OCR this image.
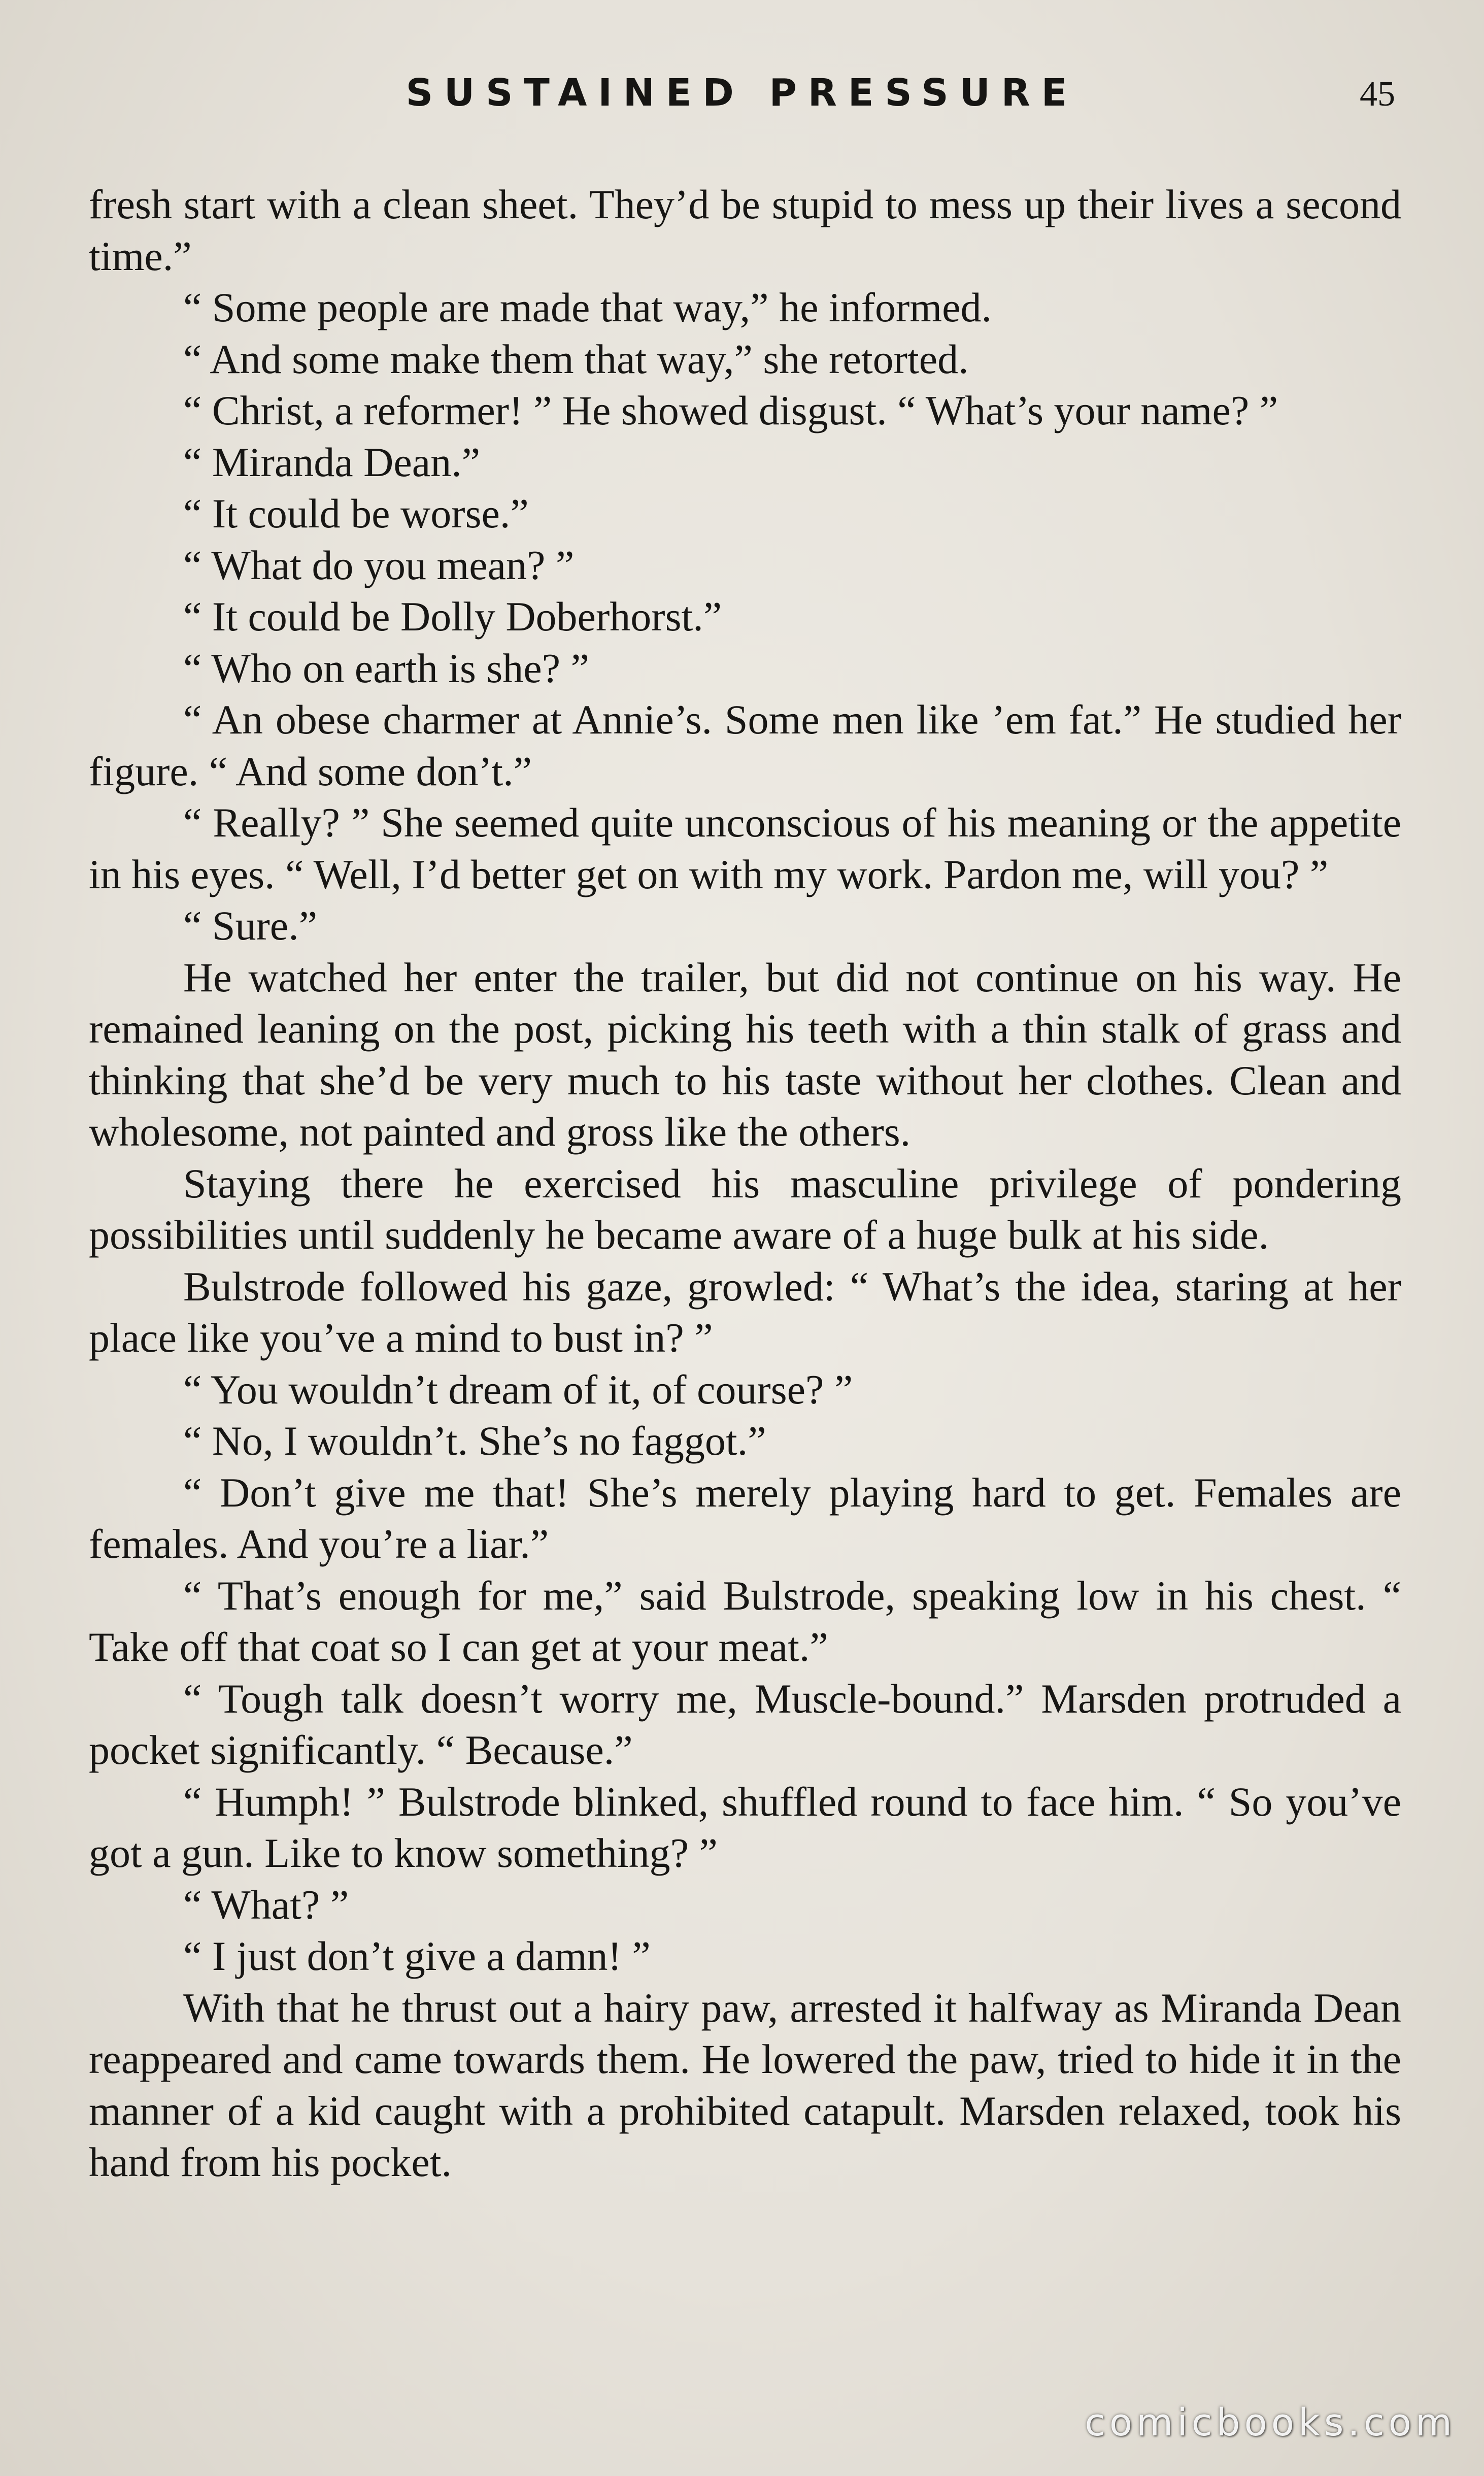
SUSTAINED PRESSURE	45

fresh start with a clean sheet. They’d be stupid to mess up their lives a second time.”

“ Some people are made that way,” he informed.

“ And some make them that way,” she retorted.

“ Christ, a reformer! ” He showed disgust. “ What’s your name? ”

“ Miranda Dean.”

“ It could be worse.”

“ What do you mean? ”

“ It could be Dolly Doberhorst.”

“ Who on earth is she? ”

“ An obese charmer at Annie’s. Some men like ’em fat.” He studied her figure. “ And some don’t.”

“ Really? ” She seemed quite unconscious of his meaning or the appetite in his eyes. “ Well, I’d better get on with my work. Pardon me, will you? ”

“ Sure.”

He watched her enter the trailer, but did not continue on his way. He remained leaning on the post, picking his teeth with a thin stalk of grass and thinking that she’d be very much to his taste without her clothes. Clean and wholesome, not painted and gross like the others.

Staying there he exercised his masculine privilege of pondering possibilities until suddenly he became aware of a huge bulk at his side.

Bulstrode followed his gaze, growled: “ What’s the idea, staring at her place like you’ve a mind to bust in? ”

“ You wouldn’t dream of it, of course? ”

“ No, I wouldn’t. She’s no faggot.”

“ Don’t give me that! She’s merely playing hard to get. Females are females. And you’re a liar.”

“ That’s enough for me,” said Bulstrode, speaking low in his chest. “ Take off that coat so I can get at your meat.”

“ Tough talk doesn’t worry me, Muscle-bound.” Marsden protruded a pocket significantly. “ Because.”

“ Humph! ” Bulstrode blinked, shuffled round to face him. “ So you’ve got a gun. Like to know something? ”

“ What? ”

“ I just don’t give a damn! ”

With that he thrust out a hairy paw, arrested it halfway as Miranda Dean reappeared and came towards them. He lowered the paw, tried to hide it in the manner of a kid caught with a prohibited catapult. Marsden relaxed, took his hand from his pocket.

comicbooks.com
